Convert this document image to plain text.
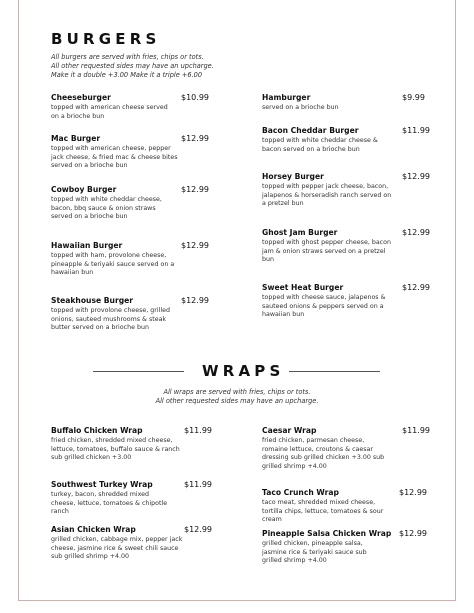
BURGERS
All burgers are served with fries, chips or tots.
All other requested sides may have an upcharge.
Make it a double +3.00 Make it a triple +6.00
Cheeseburger	$10.99
topped with american cheese served on a brioche bun
Mac Burger	$12.99
topped with american cheese, pepper jack cheese, & fried mac & cheese bites served on a brioche bun
Cowboy Burger	$12.99
topped with white cheddar cheese, bacon, bbq sauce & onion straws served on a brioche bun
Hawaiian Burger	$12.99
topped with ham, provolone cheese, pineapple & teriyaki sauce served on a hawaiian bun
Steakhouse Burger	$12.99
topped with provolone cheese, grilled onions, sauteed mushrooms & steak butter served on a brioche bun
Hamburger	$9.99
served on a brioche bun
Bacon Cheddar Burger	$11.99
topped with white cheddar cheese & bacon served on a brioche bun
Horsey Burger	$12.99
topped with pepper jack cheese, bacon, jalapenos & horseradish ranch served on a pretzel bun
Ghost Jam Burger	$12.99
topped with ghost pepper cheese, bacon jam & onion straws served on a pretzel bun
Sweet Heat Burger	$12.99
topped with cheese sauce, jalapenos & sauteed onions & peppers served on a hawaiian bun
WRAPS
All wraps are served with fries, chips or tots.
All other requested sides may have an upcharge.
Buffalo Chicken Wrap	$11.99
fried chicken, shredded mixed cheese, lettuce, tomatoes, buffalo sauce & ranch sub grilled chicken +3.00
Southwest Turkey Wrap	$11.99
turkey, bacon, shredded mixed cheese, lettuce, tomatoes & chipotle ranch
Asian Chicken Wrap	$12.99
grilled chicken, cabbage mix, pepper jack cheese, jasmine rice & sweet chili sauce sub grilled shrimp +4.00
Caesar Wrap	$11.99
fried chicken, parmesan cheese, romaine lettuce, croutons & caesar dressing sub grilled chicken +3.00 sub grilled shrimp +4.00
Taco Crunch Wrap	$12.99
taco meat, shredded mixed cheese, tortilla chips, lettuce, tomatoes & sour cream
Pineapple Salsa Chicken Wrap $12.99
grilled chicken, pineapple salsa, jasmine rice & teriyaki sauce sub grilled shrimp +4.00
